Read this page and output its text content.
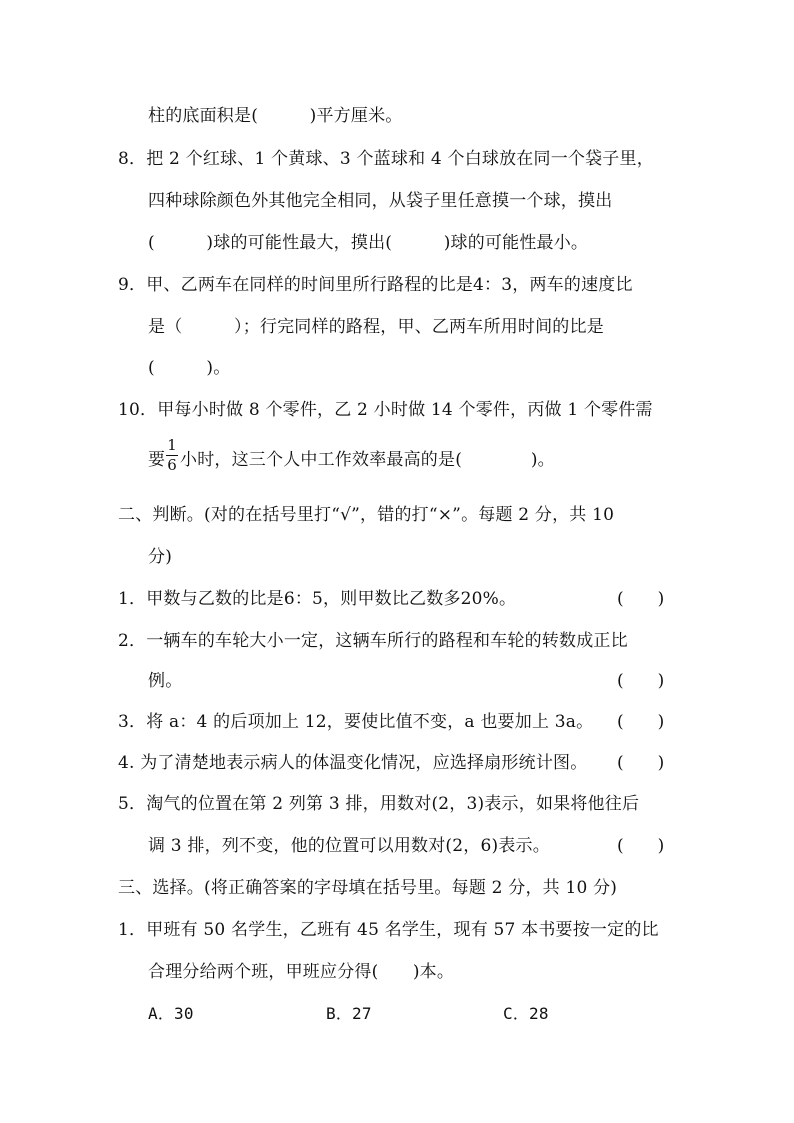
柱的底面积是(　　　)平方厘米。
8．把 2 个红球、1 个黄球、3 个蓝球和 4 个白球放在同一个袋子里，
四种球除颜色外其他完全相同，从袋子里任意摸一个球，摸出
(　　　)球的可能性最大，摸出(　　　)球的可能性最小。
9．甲、乙两车在同样的时间里所行路程的比是4：3，两车的速度比
是（　　　）；行完同样的路程，甲、乙两车所用时间的比是
(　　　)。
10．甲每小时做 8 个零件，乙 2 小时做 14 个零件，丙做 1 个零件需
要
1
6 小时，这三个人中工作效率最高的是(　　　　)。
二、判断。(对的在括号里打“√”，错的打“×”。每题 2 分，共 10
分)
1．甲数与乙数的比是6：5，则甲数比乙数多20%。	(　　)
2．一辆车的车轮大小一定，这辆车所行的路程和车轮的转数成正比
例。	(　　)
3．将 a：4 的后项加上 12，要使比值不变，a 也要加上 3a。 (　　)
4. 为了清楚地表示病人的体温变化情况，应选择扇形统计图。 (　　)
5．淘气的位置在第 2 列第 3 排，用数对(2，3)表示，如果将他往后
调 3 排，列不变，他的位置可以用数对(2，6)表示。	(　　)
三、选择。(将正确答案的字母填在括号里。每题 2 分，共 10 分)
1．甲班有 50 名学生，乙班有 45 名学生，现有 57 本书要按一定的比
合理分给两个班，甲班应分得(　　)本。
A．30	B．27	C．28
